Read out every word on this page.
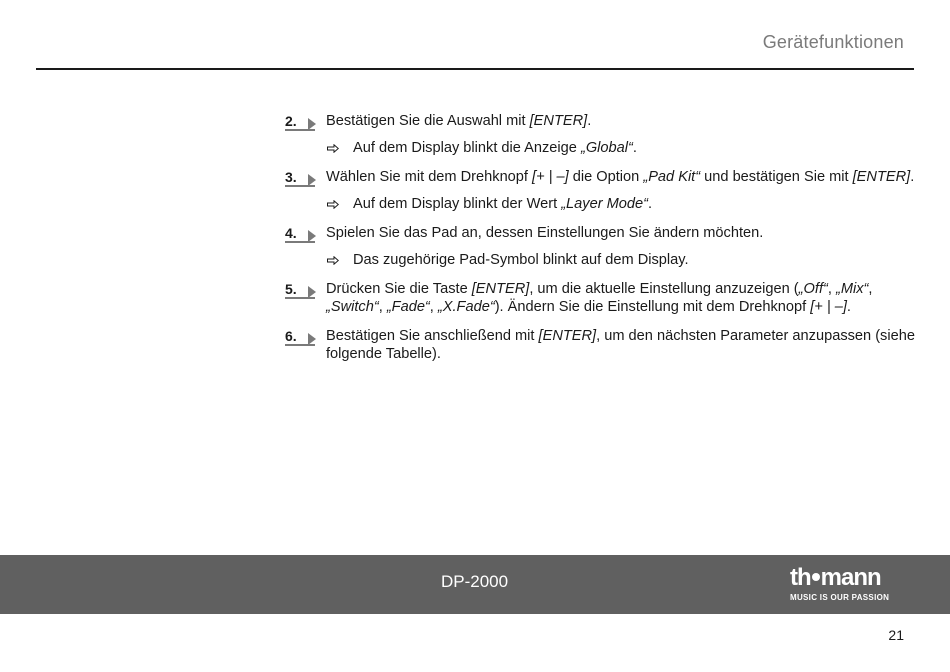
Gerätefunktionen
2.	Bestätigen Sie die Auswahl mit [ENTER].
Auf dem Display blinkt die Anzeige „Global“.
3.	Wählen Sie mit dem Drehknopf [+ | –] die Option „Pad Kit“ und bestätigen Sie mit [ENTER].
Auf dem Display blinkt der Wert „Layer Mode“.
4.	Spielen Sie das Pad an, dessen Einstellungen Sie ändern möchten.
Das zugehörige Pad-Symbol blinkt auf dem Display.
5.	Drücken Sie die Taste [ENTER], um die aktuelle Einstellung anzuzeigen („Off“, „Mix“, „Switch“, „Fade“, „X.Fade“). Ändern Sie die Einstellung mit dem Drehknopf [+ | –].
6.	Bestätigen Sie anschließend mit [ENTER], um den nächsten Parameter anzupassen (siehe folgende Tabelle).
DP-2000	th mann
MUSIC IS OUR PASSION
21
